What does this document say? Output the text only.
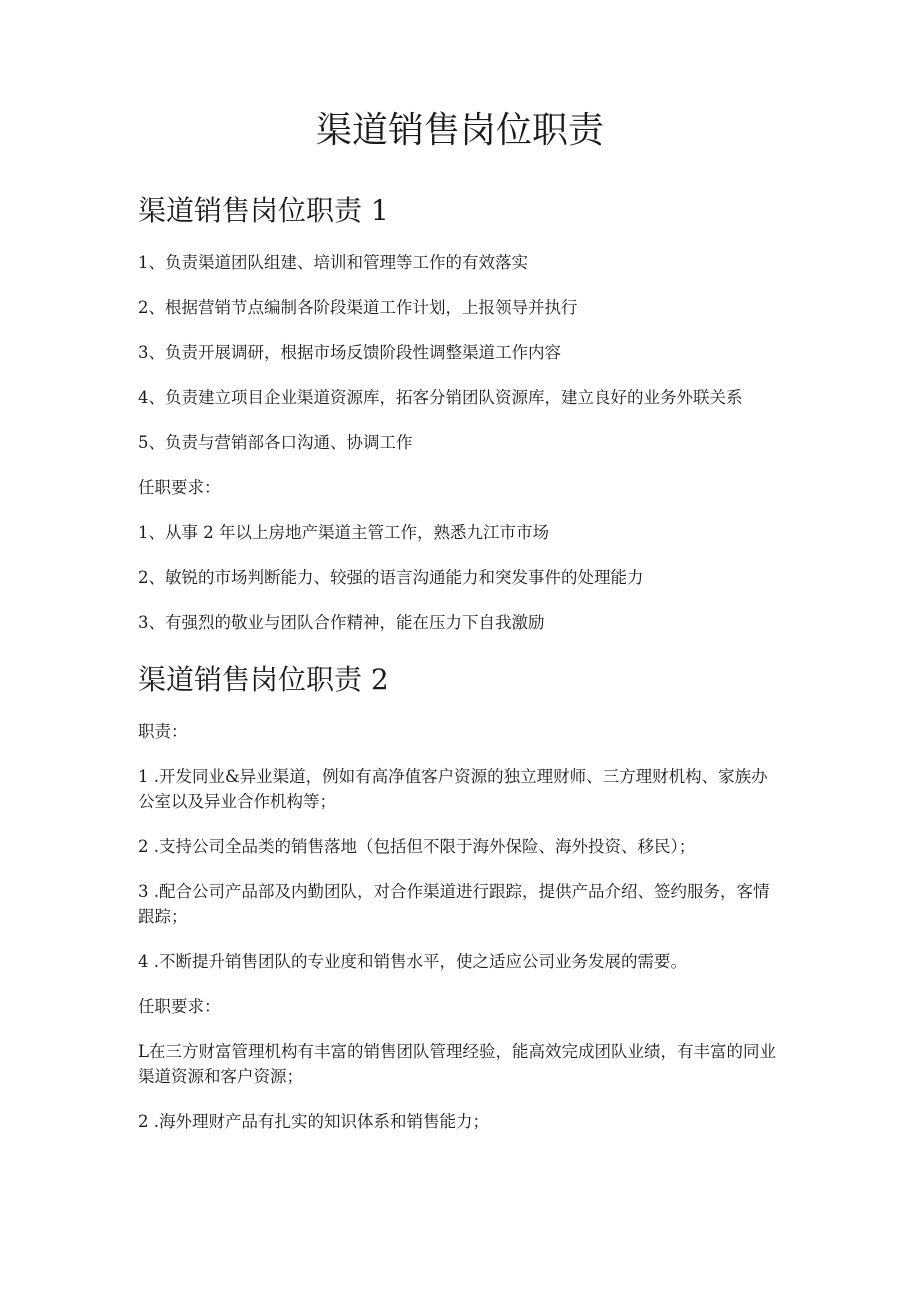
渠道销售岗位职责
渠道销售岗位职责 1

1、负责渠道团队组建、培训和管理等工作的有效落实

2、根据营销节点编制各阶段渠道工作计划，上报领导并执行

3、负责开展调研，根据市场反馈阶段性调整渠道工作内容

4、负责建立项目企业渠道资源库，拓客分销团队资源库，建立良好的业务外联关系

5、负责与营销部各口沟通、协调工作

任职要求：

1、从事 2 年以上房地产渠道主管工作，熟悉九江市市场

2、敏锐的市场判断能力、较强的语言沟通能力和突发事件的处理能力

3、有强烈的敬业与团队合作精神，能在压力下自我激励

渠道销售岗位职责 2

职责：

1 .开发同业&异业渠道，例如有高净值客户资源的独立理财师、三方理财机构、家族办公室以及异业合作机构等；

2 .支持公司全品类的销售落地（包括但不限于海外保险、海外投资、移民）；

3 .配合公司产品部及内勤团队，对合作渠道进行跟踪，提供产品介绍、签约服务，客情跟踪；

4 .不断提升销售团队的专业度和销售水平，使之适应公司业务发展的需要。

任职要求：

L在三方财富管理机构有丰富的销售团队管理经验，能高效完成团队业绩，有丰富的同业渠道资源和客户资源；

2 .海外理财产品有扎实的知识体系和销售能力；
